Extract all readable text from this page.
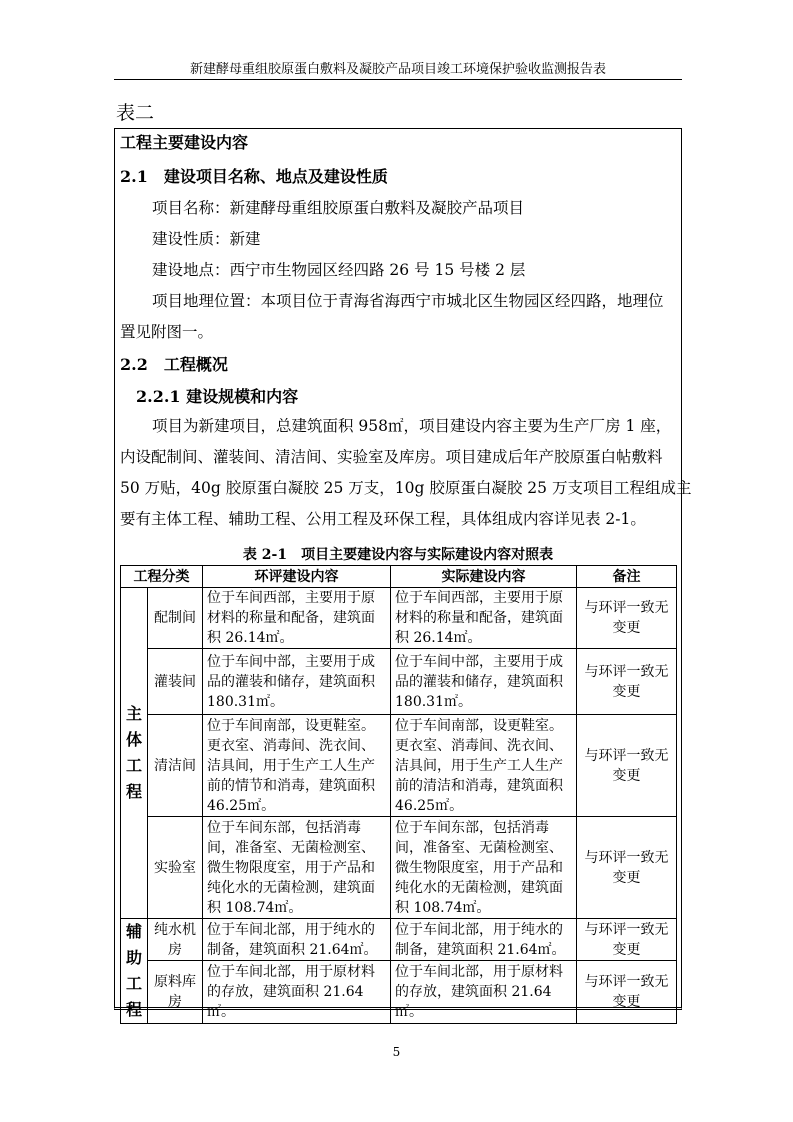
新建酵母重组胶原蛋白敷料及凝胶产品项目竣工环境保护验收监测报告表
表二
工程主要建设内容
2.1　建设项目名称、地点及建设性质
项目名称：新建酵母重组胶原蛋白敷料及凝胶产品项目
建设性质：新建
建设地点：西宁市生物园区经四路 26 号 15 号楼 2 层
项目地理位置：本项目位于青海省海西宁市城北区生物园区经四路，地理位
置见附图一。
2.2　工程概况
2.2.1 建设规模和内容
项目为新建项目，总建筑面积 958㎡，项目建设内容主要为生产厂房 1 座，
内设配制间、灌装间、清洁间、实验室及库房。项目建成后年产胶原蛋白帖敷料
50 万贴，40g 胶原蛋白凝胶 25 万支，10g 胶原蛋白凝胶 25 万支项目工程组成主
要有主体工程、辅助工程、公用工程及环保工程，具体组成内容详见表 2-1。
表 2-1　项目主要建设内容与实际建设内容对照表
工程分类		环评建设内容	实际建设内容	备注
主体工程	配制间	位于车间西部，主要用于原材料的称量和配备，建筑面积 26.14㎡。	位于车间西部，主要用于原材料的称量和配备，建筑面积 26.14㎡。	与环评一致无变更
	灌装间	位于车间中部，主要用于成品的灌装和储存，建筑面积 180.31㎡。	位于车间中部，主要用于成品的灌装和储存，建筑面积 180.31㎡。	与环评一致无变更
	清洁间	位于车间南部，设更鞋室。更衣室、消毒间、洗衣间、洁具间，用于生产工人生产前的情节和消毒，建筑面积 46.25㎡。	位于车间南部，设更鞋室。更衣室、消毒间、洗衣间、洁具间，用于生产工人生产前的清洁和消毒，建筑面积 46.25㎡。	与环评一致无变更
	实验室	位于车间东部，包括消毒间，准备室、无菌检测室、微生物限度室，用于产品和纯化水的无菌检测，建筑面积 108.74㎡。	位于车间东部，包括消毒间，准备室、无菌检测室、微生物限度室，用于产品和纯化水的无菌检测，建筑面积 108.74㎡。	与环评一致无变更
辅助工程	纯水机房	位于车间北部，用于纯水的制备，建筑面积 21.64㎡。	位于车间北部，用于纯水的制备，建筑面积 21.64㎡。	与环评一致无变更
	原料库房	位于车间北部，用于原材料的存放，建筑面积 21.64㎡。	位于车间北部，用于原材料的存放，建筑面积 21.64㎡。	与环评一致无变更
5
